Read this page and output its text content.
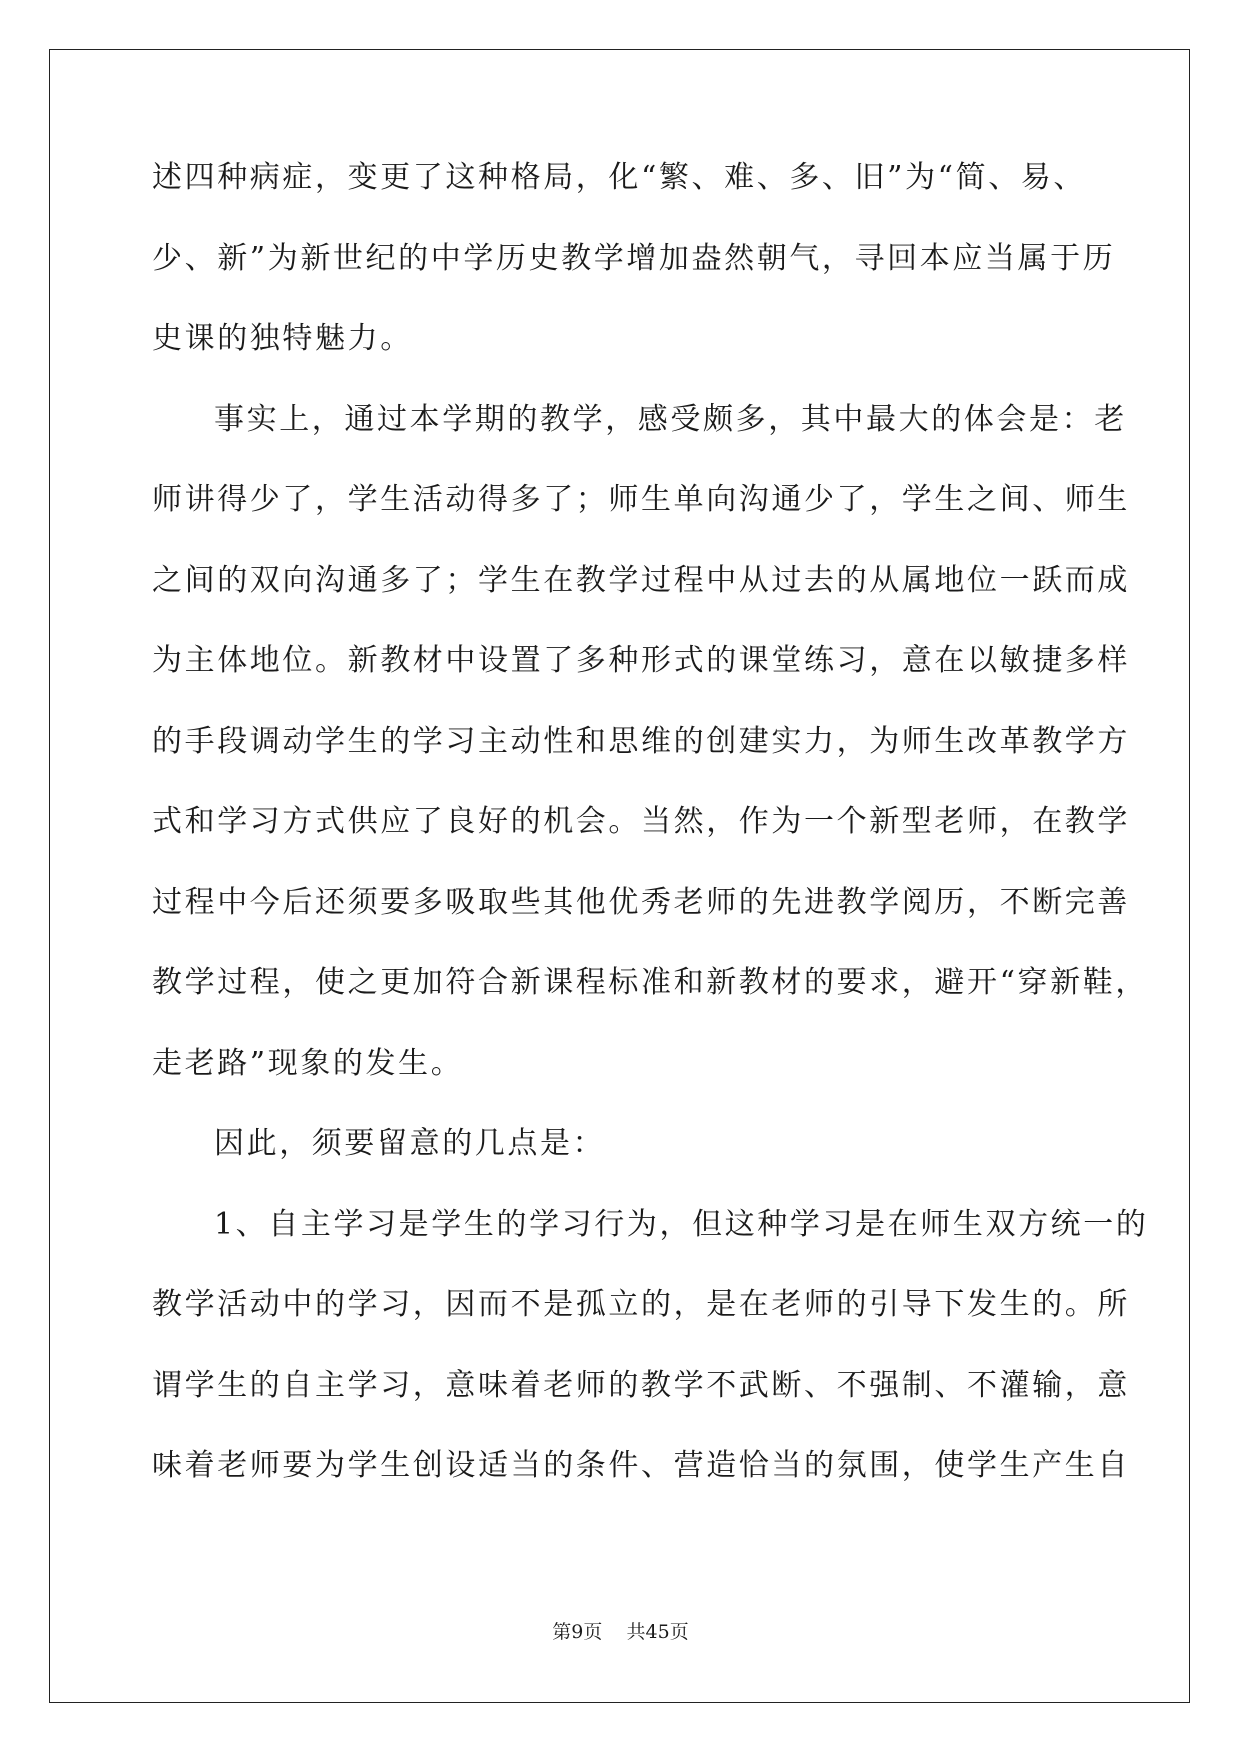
述四种病症，变更了这种格局，化“繁、难、多、旧”为“简、易、
少、新”为新世纪的中学历史教学增加盎然朝气，寻回本应当属于历
史课的独特魅力。
事实上，通过本学期的教学，感受颇多，其中最大的体会是：老
师讲得少了，学生活动得多了；师生单向沟通少了，学生之间、师生
之间的双向沟通多了；学生在教学过程中从过去的从属地位一跃而成
为主体地位。新教材中设置了多种形式的课堂练习，意在以敏捷多样
的手段调动学生的学习主动性和思维的创建实力，为师生改革教学方
式和学习方式供应了良好的机会。当然，作为一个新型老师，在教学
过程中今后还须要多吸取些其他优秀老师的先进教学阅历，不断完善
教学过程，使之更加符合新课程标准和新教材的要求，避开“穿新鞋，
走老路”现象的发生。
因此，须要留意的几点是：
1、自主学习是学生的学习行为，但这种学习是在师生双方统一的
教学活动中的学习，因而不是孤立的，是在老师的引导下发生的。所
谓学生的自主学习，意味着老师的教学不武断、不强制、不灌输，意
味着老师要为学生创设适当的条件、营造恰当的氛围，使学生产生自
第9页    共45页
